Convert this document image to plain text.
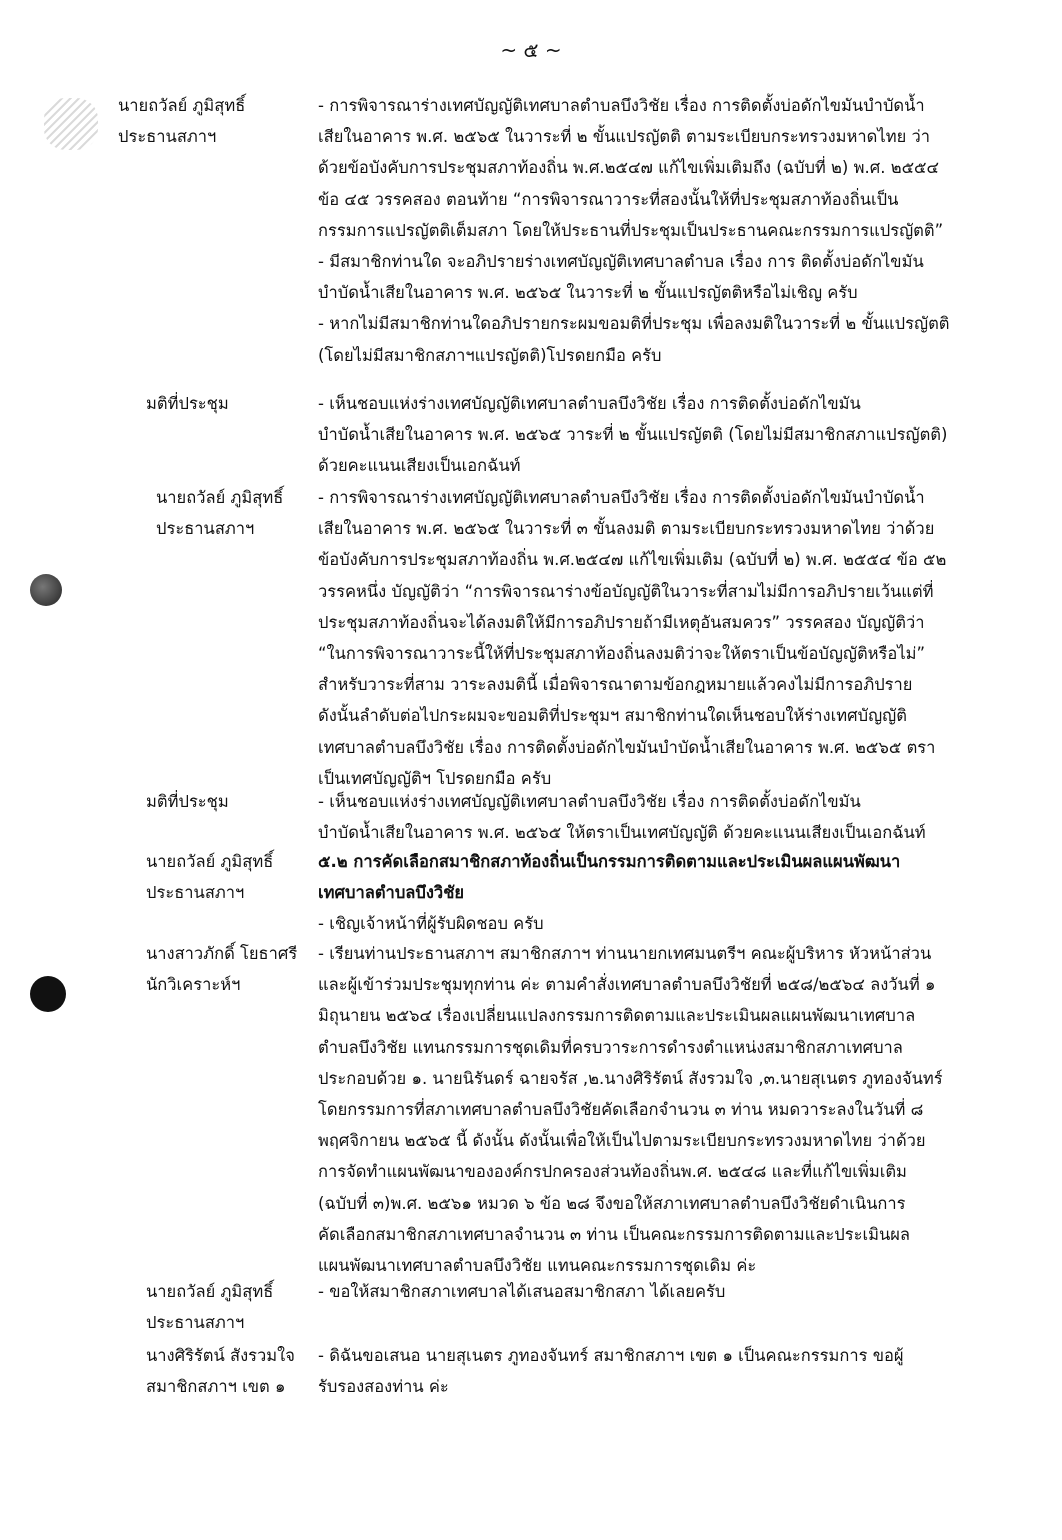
~ ๕ ~
นายถวัลย์ ภูมิสุทธิ์
ประธานสภาฯ
- การพิจารณาร่างเทศบัญญัติเทศบาลตำบลบึงวิชัย เรื่อง การติดตั้งบ่อดักไขมันบำบัดน้ำ
เสียในอาคาร พ.ศ. ๒๕๖๕ ในวาระที่ ๒ ขั้นแปรญัตติ ตามระเบียบกระทรวงมหาดไทย ว่า
ด้วยข้อบังคับการประชุมสภาท้องถิ่น พ.ศ.๒๕๔๗ แก้ไขเพิ่มเติมถึง (ฉบับที่ ๒) พ.ศ. ๒๕๕๔
ข้อ ๔๕ วรรคสอง ตอนท้าย “การพิจารณาวาระที่สองนั้นให้ที่ประชุมสภาท้องถิ่นเป็น
กรรมการแปรญัตติเต็มสภา โดยให้ประธานที่ประชุมเป็นประธานคณะกรรมการแปรญัตติ”
- มีสมาชิกท่านใด จะอภิปรายร่างเทศบัญญัติเทศบาลตำบล เรื่อง การ ติดตั้งบ่อดักไขมัน
บำบัดน้ำเสียในอาคาร พ.ศ. ๒๕๖๕ ในวาระที่ ๒ ขั้นแปรญัตติหรือไม่เชิญ ครับ
- หากไม่มีสมาชิกท่านใดอภิปรายกระผมขอมติที่ประชุม เพื่อลงมติในวาระที่ ๒ ขั้นแปรญัตติ
(โดยไม่มีสมาชิกสภาฯแปรญัตติ)โปรดยกมือ ครับ
มติที่ประชุม	- เห็นชอบแห่งร่างเทศบัญญัติเทศบาลตำบลบึงวิชัย เรื่อง การติดตั้งบ่อดักไขมัน
บำบัดน้ำเสียในอาคาร พ.ศ. ๒๕๖๕ วาระที่ ๒ ขั้นแปรญัตติ (โดยไม่มีสมาชิกสภาแปรญัตติ)
ด้วยคะแนนเสียงเป็นเอกฉันท์
นายถวัลย์ ภูมิสุทธิ์
ประธานสภาฯ
- การพิจารณาร่างเทศบัญญัติเทศบาลตำบลบึงวิชัย เรื่อง การติดตั้งบ่อดักไขมันบำบัดน้ำ
เสียในอาคาร พ.ศ. ๒๕๖๕ ในวาระที่ ๓ ขั้นลงมติ ตามระเบียบกระทรวงมหาดไทย ว่าด้วย
ข้อบังคับการประชุมสภาท้องถิ่น พ.ศ.๒๕๔๗ แก้ไขเพิ่มเติม (ฉบับที่ ๒) พ.ศ. ๒๕๕๔ ข้อ ๕๒
วรรคหนึ่ง บัญญัติว่า “การพิจารณาร่างข้อบัญญัติในวาระที่สามไม่มีการอภิปรายเว้นแต่ที่
ประชุมสภาท้องถิ่นจะได้ลงมติให้มีการอภิปรายถ้ามีเหตุอันสมควร” วรรคสอง บัญญัติว่า
“ในการพิจารณาวาระนี้ให้ที่ประชุมสภาท้องถิ่นลงมติว่าจะให้ตราเป็นข้อบัญญัติหรือไม่”
สำหรับวาระที่สาม วาระลงมตินี้ เมื่อพิจารณาตามข้อกฎหมายแล้วคงไม่มีการอภิปราย
ดังนั้นลำดับต่อไปกระผมจะขอมติที่ประชุมฯ สมาชิกท่านใดเห็นชอบให้ร่างเทศบัญญัติ
เทศบาลตำบลบึงวิชัย เรื่อง การติดตั้งบ่อดักไขมันบำบัดน้ำเสียในอาคาร พ.ศ. ๒๕๖๕ ตรา
เป็นเทศบัญญัติฯ โปรดยกมือ ครับ
มติที่ประชุม	- เห็นชอบแห่งร่างเทศบัญญัติเทศบาลตำบลบึงวิชัย เรื่อง การติดตั้งบ่อดักไขมัน
บำบัดน้ำเสียในอาคาร พ.ศ. ๒๕๖๕ ให้ตราเป็นเทศบัญญัติ ด้วยคะแนนเสียงเป็นเอกฉันท์
นายถวัลย์ ภูมิสุทธิ์
ประธานสภาฯ
๕.๒ การคัดเลือกสมาชิกสภาท้องถิ่นเป็นกรรมการติดตามและประเมินผลแผนพัฒนา
เทศบาลตำบลบึงวิชัย
- เชิญเจ้าหน้าที่ผู้รับผิดชอบ ครับ
นางสาวภักดิ์ โยธาศรี
นักวิเคราะห์ฯ
- เรียนท่านประธานสภาฯ สมาชิกสภาฯ ท่านนายกเทศมนตรีฯ คณะผู้บริหาร หัวหน้าส่วน
และผู้เข้าร่วมประชุมทุกท่าน ค่ะ ตามคำสั่งเทศบาลตำบลบึงวิชัยที่ ๒๕๘/๒๕๖๔ ลงวันที่ ๑
มิถุนายน ๒๕๖๔ เรื่องเปลี่ยนแปลงกรรมการติดตามและประเมินผลแผนพัฒนาเทศบาล
ตำบลบึงวิชัย แทนกรรมการชุดเดิมที่ครบวาระการดำรงตำแหน่งสมาชิกสภาเทศบาล
ประกอบด้วย ๑. นายนิรันดร์ ฉายจรัส ,๒.นางศิริรัตน์ สังรวมใจ ,๓.นายสุเนตร ภูทองจันทร์
โดยกรรมการที่สภาเทศบาลตำบลบึงวิชัยคัดเลือกจำนวน ๓ ท่าน หมดวาระลงในวันที่ ๘
พฤศจิกายน ๒๕๖๕ นี้ ดังนั้น ดังนั้นเพื่อให้เป็นไปตามระเบียบกระทรวงมหาดไทย ว่าด้วย
การจัดทำแผนพัฒนาขององค์กรปกครองส่วนท้องถิ่นพ.ศ. ๒๕๔๘ และที่แก้ไขเพิ่มเติม
(ฉบับที่ ๓)พ.ศ. ๒๕๖๑ หมวด ๖ ข้อ ๒๘ จึงขอให้สภาเทศบาลตำบลบึงวิชัยดำเนินการ
คัดเลือกสมาชิกสภาเทศบาลจำนวน ๓ ท่าน เป็นคณะกรรมการติดตามและประเมินผล
แผนพัฒนาเทศบาลตำบลบึงวิชัย แทนคณะกรรมการชุดเดิม ค่ะ
นายถวัลย์ ภูมิสุทธิ์
ประธานสภาฯ
- ขอให้สมาชิกสภาเทศบาลได้เสนอสมาชิกสภา ได้เลยครับ
นางศิริรัตน์ สังรวมใจ
สมาชิกสภาฯ เขต ๑
- ดิฉันขอเสนอ นายสุเนตร ภูทองจันทร์ สมาชิกสภาฯ เขต ๑ เป็นคณะกรรมการ ขอผู้
รับรองสองท่าน ค่ะ
